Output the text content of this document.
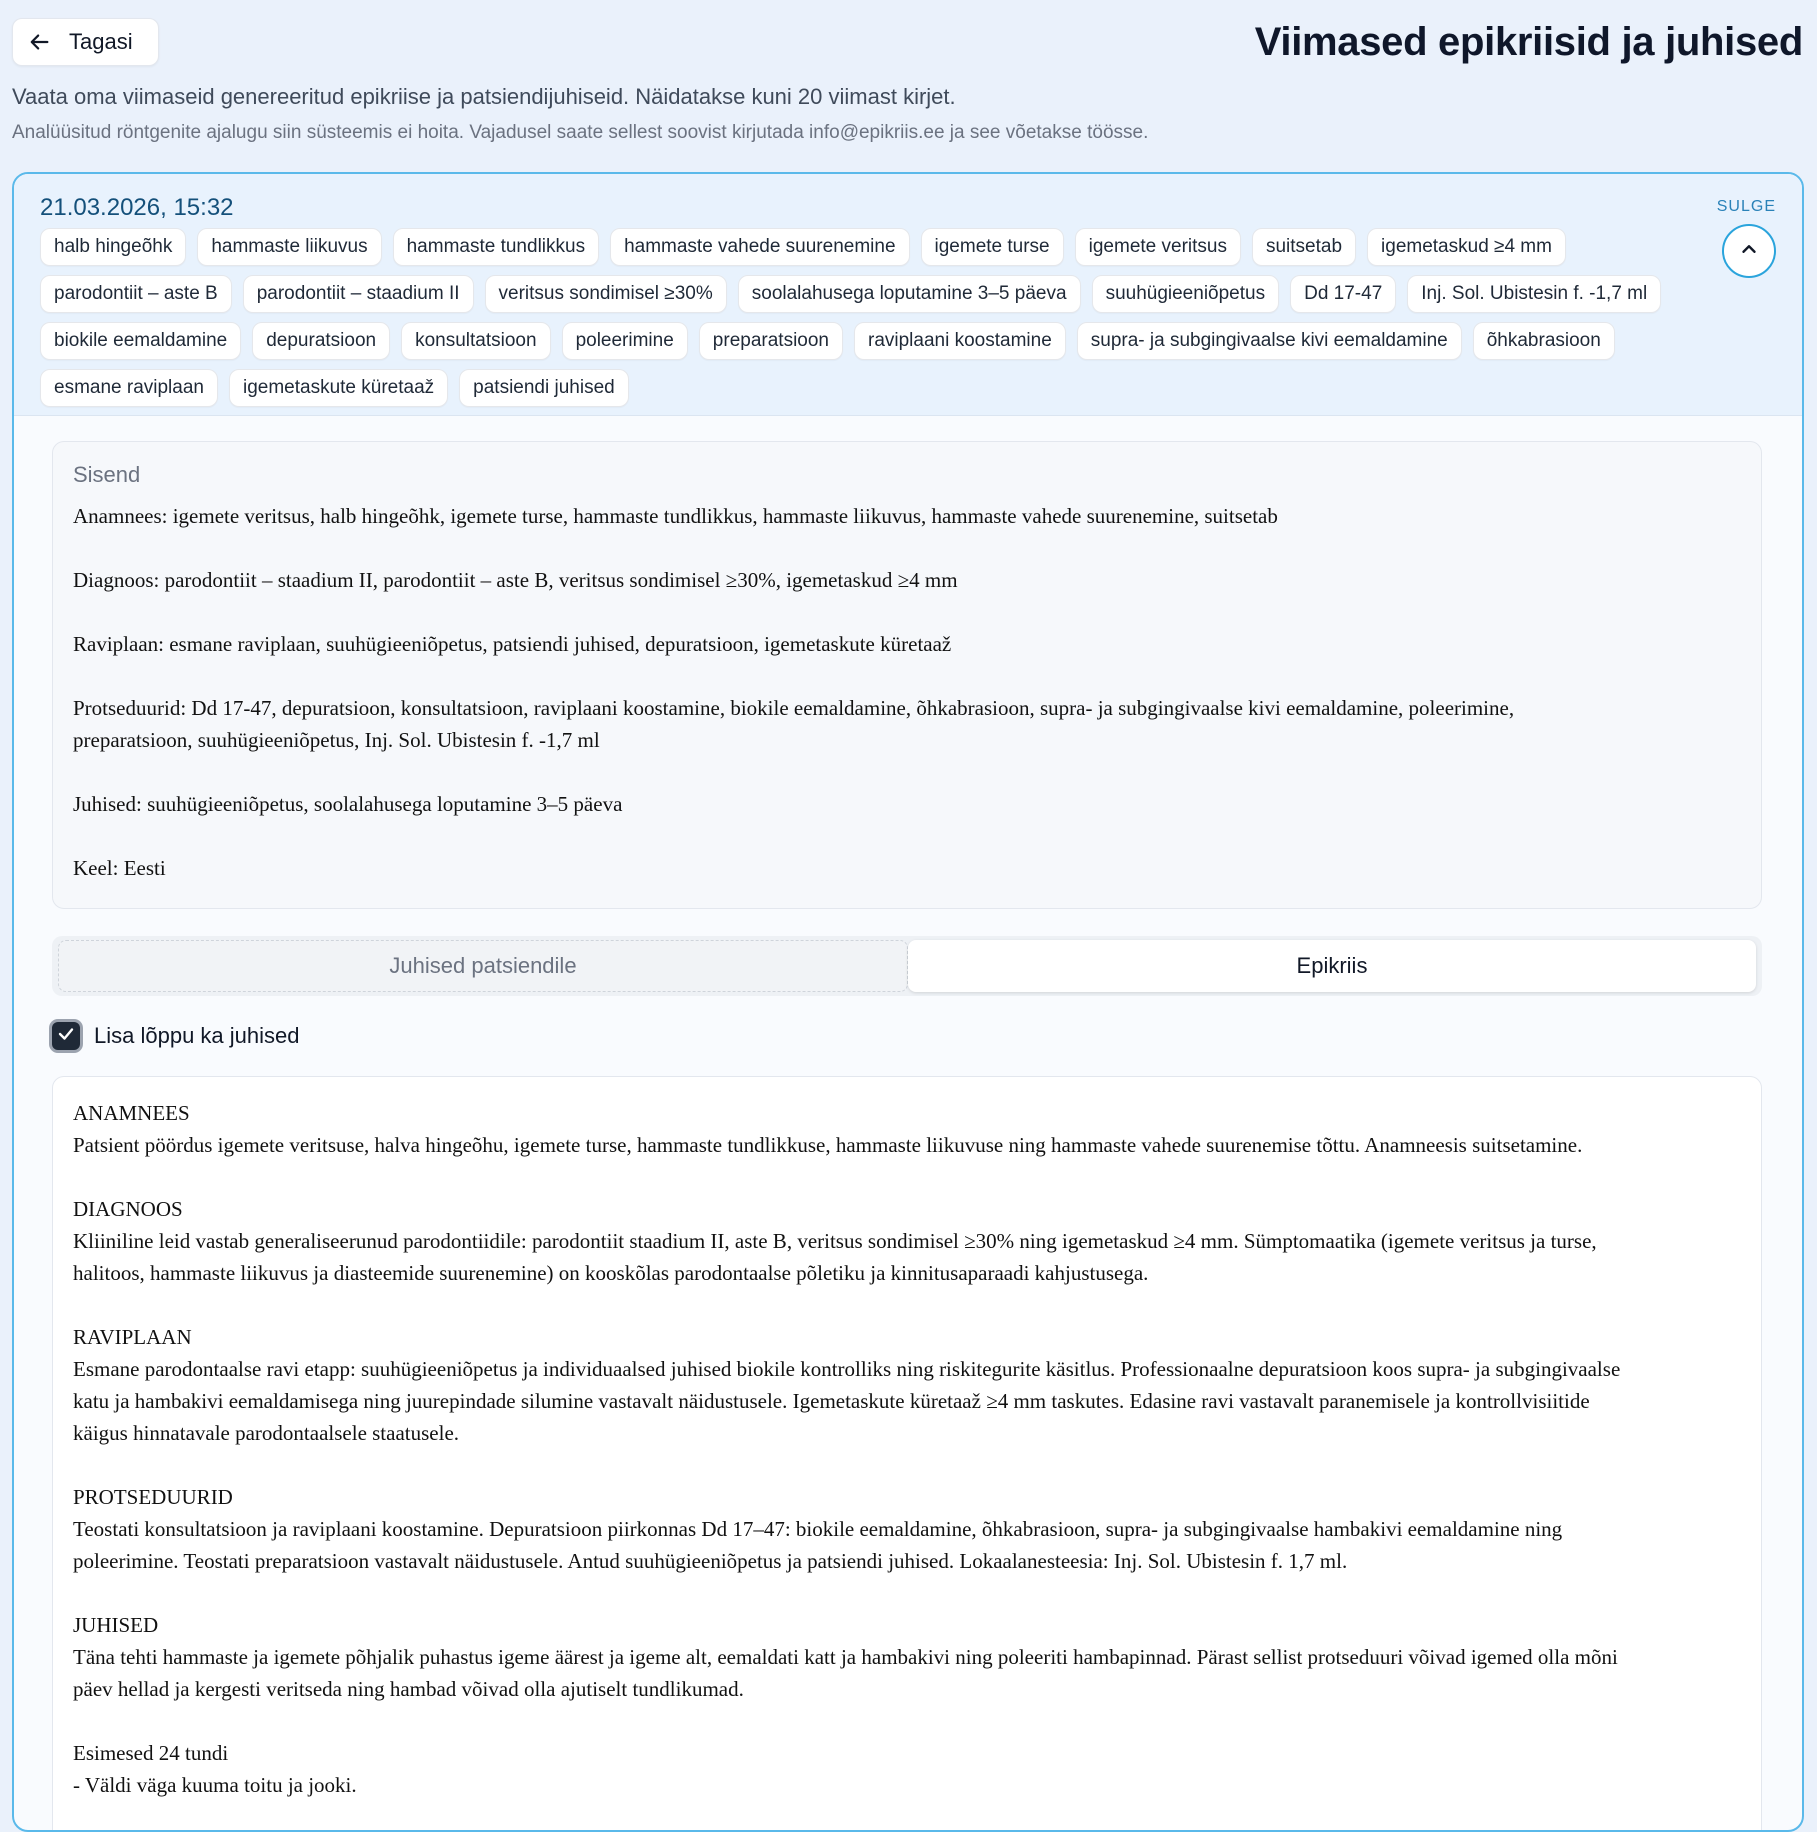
Tagasi	Viimased epikriisid ja juhised
Vaata oma viimaseid genereeritud epikriise ja patsiendijuhiseid. Näidatakse kuni 20 viimast kirjet.
Analüüsitud röntgenite ajalugu siin süsteemis ei hoita. Vajadusel saate sellest soovist kirjutada info@epikriis.ee ja see võetakse töösse.
21.03.2026, 15:32
halb hingeõhk	hammaste liikuvus	hammaste tundlikkus	hammaste vahede suurenemine	igemete turse	igemete veritsus	suitsetab	igemetaskud ≥4 mm
parodontiit – aste B	parodontiit – staadium II	veritsus sondimisel ≥30%	soolalahusega loputamine 3–5 päeva	suuhügieeniõpetus	Dd 17-47	Inj. Sol. Ubistesin f. -1,7 ml
biokile eemaldamine	depuratsioon	konsultatsioon	poleerimine	preparatsioon	raviplaani koostamine	supra- ja subgingivaalse kivi eemaldamine	õhkabrasioon
esmane raviplaan	igemetaskute küretaaž	patsiendi juhised
SULGE
Sisend
Anamnees: igemete veritsus, halb hingeõhk, igemete turse, hammaste tundlikkus, hammaste liikuvus, hammaste vahede suurenemine, suitsetab

Diagnoos: parodontiit – staadium II, parodontiit – aste B, veritsus sondimisel ≥30%, igemetaskud ≥4 mm

Raviplaan: esmane raviplaan, suuhügieeniõpetus, patsiendi juhised, depuratsioon, igemetaskute küretaaž

Protseduurid: Dd 17-47, depuratsioon, konsultatsioon, raviplaani koostamine, biokile eemaldamine, õhkabrasioon, supra- ja subgingivaalse kivi eemaldamine, poleerimine,
preparatsioon, suuhügieeniõpetus, Inj. Sol. Ubistesin f. -1,7 ml

Juhised: suuhügieeniõpetus, soolalahusega loputamine 3–5 päeva

Keel: Eesti
Juhised patsiendile	Epikriis
Lisa lõppu ka juhised
ANAMNEES
Patsient pöördus igemete veritsuse, halva hingeõhu, igemete turse, hammaste tundlikkuse, hammaste liikuvuse ning hammaste vahede suurenemise tõttu. Anamneesis suitsetamine.

DIAGNOOS
Kliiniline leid vastab generaliseerunud parodontiidile: parodontiit staadium II, aste B, veritsus sondimisel ≥30% ning igemetaskud ≥4 mm. Sümptomaatika (igemete veritsus ja turse,
halitoos, hammaste liikuvus ja diasteemide suurenemine) on kooskõlas parodontaalse põletiku ja kinnitusaparaadi kahjustusega.

RAVIPLAAN
Esmane parodontaalse ravi etapp: suuhügieeniõpetus ja individuaalsed juhised biokile kontrolliks ning riskitegurite käsitlus. Professionaalne depuratsioon koos supra- ja subgingivaalse
katu ja hambakivi eemaldamisega ning juurepindade silumine vastavalt näidustusele. Igemetaskute küretaaž ≥4 mm taskutes. Edasine ravi vastavalt paranemisele ja kontrollvisiitide
käigus hinnatavale parodontaalsele staatusele.

PROTSEDUURID
Teostati konsultatsioon ja raviplaani koostamine. Depuratsioon piirkonnas Dd 17–47: biokile eemaldamine, õhkabrasioon, supra- ja subgingivaalse hambakivi eemaldamine ning
poleerimine. Teostati preparatsioon vastavalt näidustusele. Antud suuhügieeniõpetus ja patsiendi juhised. Lokaalanesteesia: Inj. Sol. Ubistesin f. 1,7 ml.

JUHISED
Täna tehti hammaste ja igemete põhjalik puhastus igeme äärest ja igeme alt, eemaldati katt ja hambakivi ning poleeriti hambapinnad. Pärast sellist protseduuri võivad igemed olla mõni
päev hellad ja kergesti veritseda ning hambad võivad olla ajutiselt tundlikumad.

Esimesed 24 tundi
- Väldi väga kuuma toitu ja jooki.
